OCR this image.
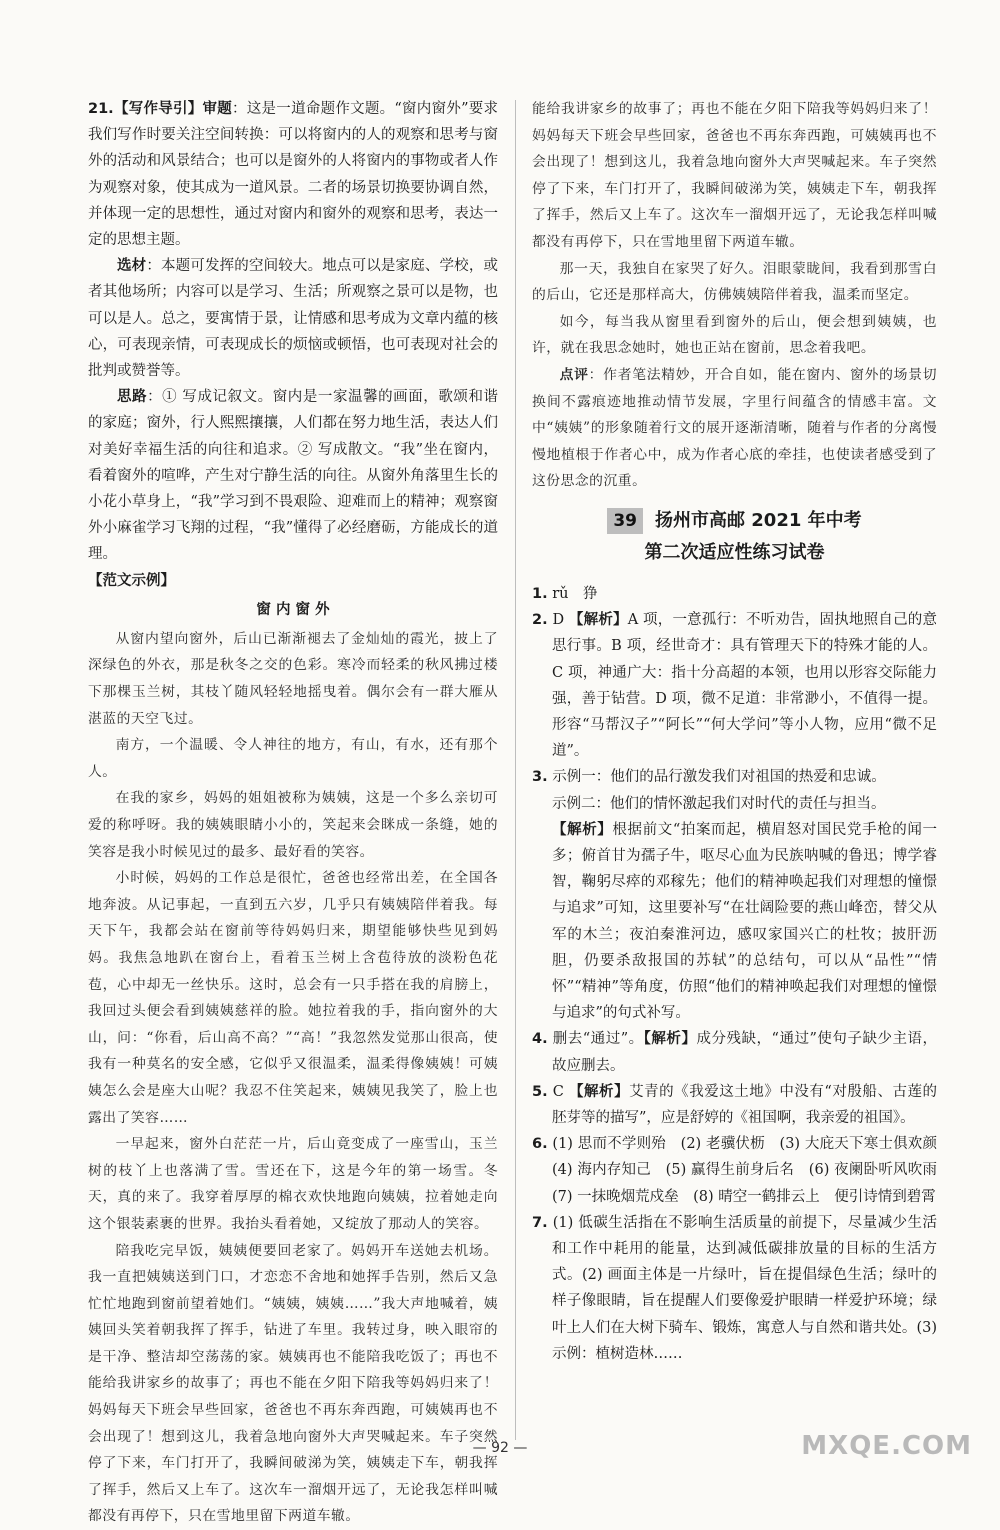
21.【写作导引】审题：这是一道命题作文题。“窗内窗外”要求我们写作时要关注空间转换：可以将窗内的人的观察和思考与窗外的活动和风景结合；也可以是窗外的人将窗内的事物或者人作为观察对象，使其成为一道风景。二者的场景切换要协调自然，并体现一定的思想性，通过对窗内和窗外的观察和思考，表达一定的思想主题。

选材：本题可发挥的空间较大。地点可以是家庭、学校，或者其他场所；内容可以是学习、生活；所观察之景可以是物，也可以是人。总之，要寓情于景，让情感和思考成为文章内蕴的核心，可表现亲情，可表现成长的烦恼或顿悟，也可表现对社会的批判或赞誉等。

思路：① 写成记叙文。窗内是一家温馨的画面，歌颂和谐的家庭；窗外，行人熙熙攘攘，人们都在努力地生活，表达人们对美好幸福生活的向往和追求。② 写成散文。“我”坐在窗内，看着窗外的喧哗，产生对宁静生活的向往。从窗外角落里生长的小花小草身上，“我”学习到不畏艰险、迎难而上的精神；观察窗外小麻雀学习飞翔的过程，“我”懂得了必经磨砺，方能成长的道理。

【范文示例】

窗 内 窗 外

从窗内望向窗外，后山已渐渐褪去了金灿灿的霞光，披上了深绿色的外衣，那是秋冬之交的色彩。寒冷而轻柔的秋风拂过楼下那棵玉兰树，其枝丫随风轻轻地摇曳着。偶尔会有一群大雁从湛蓝的天空飞过。

南方，一个温暖、令人神往的地方，有山，有水，还有那个人。

在我的家乡，妈妈的姐姐被称为姨姨，这是一个多么亲切可爱的称呼呀。我的姨姨眼睛小小的，笑起来会眯成一条缝，她的笑容是我小时候见过的最多、最好看的笑容。

小时候，妈妈的工作总是很忙，爸爸也经常出差，在全国各地奔波。从记事起，一直到五六岁，几乎只有姨姨陪伴着我。每天下午，我都会站在窗前等待妈妈归来，期望能够快些见到妈妈。我焦急地趴在窗台上，看着玉兰树上含苞待放的淡粉色花苞，心中却无一丝快乐。这时，总会有一只手搭在我的肩膀上，我回过头便会看到姨姨慈祥的脸。她拉着我的手，指向窗外的大山，问：“你看，后山高不高？”“高！”我忽然发觉那山很高，使我有一种莫名的安全感，它似乎又很温柔，温柔得像姨姨！可姨姨怎么会是座大山呢？我忍不住笑起来，姨姨见我笑了，脸上也露出了笑容……

一早起来，窗外白茫茫一片，后山竟变成了一座雪山，玉兰树的枝丫上也落满了雪。雪还在下，这是今年的第一场雪。冬天，真的来了。我穿着厚厚的棉衣欢快地跑向姨姨，拉着她走向这个银装素裹的世界。我抬头看着她，又绽放了那动人的笑容。

陪我吃完早饭，姨姨便要回老家了。妈妈开车送她去机场。我一直把姨姨送到门口，才恋恋不舍地和她挥手告别，然后又急忙忙地跑到窗前望着她们。“姨姨，姨姨……”我大声地喊着，姨姨回头笑着朝我挥了挥手，钻进了车里。我转过身，映入眼帘的是干净、整洁却空荡荡的家。姨姨再也不能陪我吃饭了；再也不能给我讲家乡的故事了；再也不能在夕阳下陪我等妈妈归来了！妈妈每天下班会早些回家，爸爸也不再东奔西跑，可姨姨再也不会出现了！想到这儿，我着急地向窗外大声哭喊起来。车子突然停了下来，车门打开了，我瞬间破涕为笑，姨姨走下车，朝我挥了挥手，然后又上车了。这次车一溜烟开远了，无论我怎样叫喊都没有再停下，只在雪地里留下两道车辙。

能给我讲家乡的故事了；再也不能在夕阳下陪我等妈妈归来了！妈妈每天下班会早些回家，爸爸也不再东奔西跑，可姨姨再也不会出现了！想到这儿，我着急地向窗外大声哭喊起来。车子突然停了下来，车门打开了，我瞬间破涕为笑，姨姨走下车，朝我挥了挥手，然后又上车了。这次车一溜烟开远了，无论我怎样叫喊都没有再停下，只在雪地里留下两道车辙。

那一天，我独自在家哭了好久。泪眼蒙眬间，我看到那雪白的后山，它还是那样高大，仿佛姨姨陪伴着我，温柔而坚定。

如今，每当我从窗里看到窗外的后山，便会想到姨姨，也许，就在我思念她时，她也正站在窗前，思念着我吧。

点评：作者笔法精妙，开合自如，能在窗内、窗外的场景切换间不露痕迹地推动情节发展，字里行间蕴含的情感丰富。文中“姨姨”的形象随着行文的展开逐渐清晰，随着与作者的分离慢慢地植根于作者心中，成为作者心底的牵挂，也使读者感受到了这份思念的沉重。

39 扬州市高邮 2021 年中考
第二次适应性练习试卷

1. rǔ　狰

2. D 【解析】A 项，一意孤行：不听劝告，固执地照自己的意思行事。B 项，经世奇才：具有管理天下的特殊才能的人。C 项，神通广大：指十分高超的本领，也用以形容交际能力强，善于钻营。D 项，微不足道：非常渺小，不值得一提。形容“马帮汉子”“阿长”“何大学问”等小人物，应用“微不足道”。

3. 示例一：他们的品行激发我们对祖国的热爱和忠诚。

示例二：他们的情怀激起我们对时代的责任与担当。

【解析】根据前文“拍案而起，横眉怒对国民党手枪的闻一多；俯首甘为孺子牛，呕尽心血为民族呐喊的鲁迅；博学睿智，鞠躬尽瘁的邓稼先；他们的精神唤起我们对理想的憧憬与追求”可知，这里要补写“在壮阔险要的燕山峰峦，替父从军的木兰；夜泊秦淮河边，感叹家国兴亡的杜牧；披肝沥胆，仍要杀敌报国的苏轼”的总结句，可以从“品性”“情怀”“精神”等角度，仿照“他们的精神唤起我们对理想的憧憬与追求”的句式补写。

4. 删去“通过”。【解析】成分残缺，“通过”使句子缺少主语，故应删去。

5. C 【解析】艾青的《我爱这土地》中没有“对殷船、古莲的胚芽等的描写”，应是舒婷的《祖国啊，我亲爱的祖国》。

6. (1) 思而不学则殆　(2) 老骥伏枥　(3) 大庇天下寒士俱欢颜　(4) 海内存知己　(5) 赢得生前身后名　(6) 夜阑卧听风吹雨　(7) 一抹晚烟荒戍垒　(8) 晴空一鹤排云上　便引诗情到碧霄

7. (1) 低碳生活指在不影响生活质量的前提下，尽量减少生活和工作中耗用的能量，达到减低碳排放量的目标的生活方式。(2) 画面主体是一片绿叶，旨在提倡绿色生活；绿叶的样子像眼睛，旨在提醒人们要像爱护眼睛一样爱护环境；绿叶上人们在大树下骑车、锻炼，寓意人与自然和谐共处。(3) 示例：植树造林……

— 92 —	MXQE.COM
